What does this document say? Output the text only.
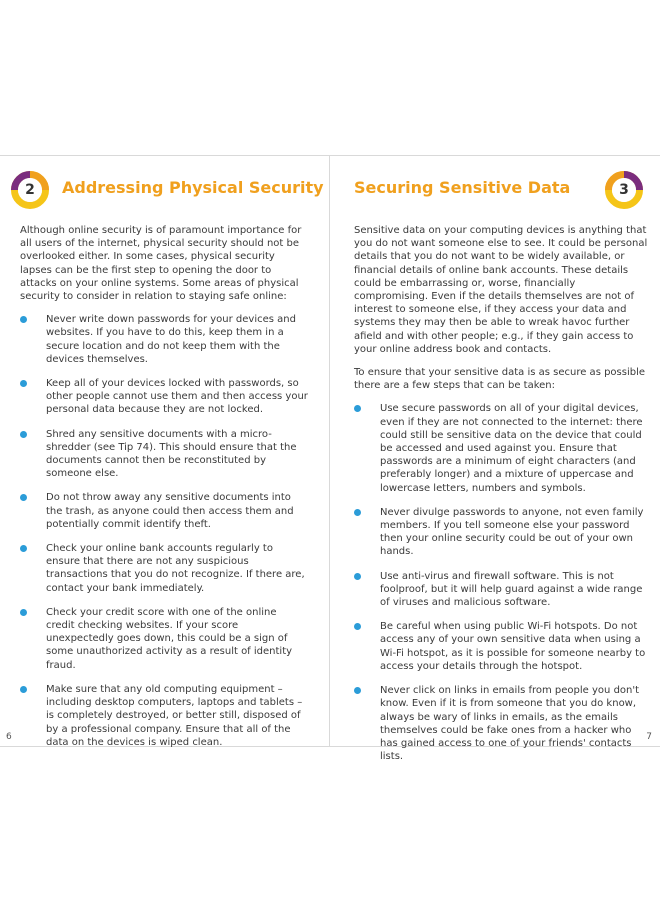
2	Addressing Physical Security

Although online security is of paramount importance for all users of the internet, physical security should not be overlooked either. In some cases, physical security lapses can be the first step to opening the door to attacks on your online systems. Some areas of physical security to consider in relation to staying safe online:

Never write down passwords for your devices and websites. If you have to do this, keep them in a secure location and do not keep them with the devices themselves.
Keep all of your devices locked with passwords, so other people cannot use them and then access your personal data because they are not locked.
Shred any sensitive documents with a micro-shredder (see Tip 74). This should ensure that the documents cannot then be reconstituted by someone else.
Do not throw away any sensitive documents into the trash, as anyone could then access them and potentially commit identify theft.
Check your online bank accounts regularly to ensure that there are not any suspicious transactions that you do not recognize. If there are, contact your bank immediately.
Check your credit score with one of the online credit checking websites. If your score unexpectedly goes down, this could be a sign of some unauthorized activity as a result of identity fraud.
Make sure that any old computing equipment – including desktop computers, laptops and tablets – is completely destroyed, or better still, disposed of by a professional company. Ensure that all of the data on the devices is wiped clean.
6
Securing Sensitive Data	3

Sensitive data on your computing devices is anything that you do not want someone else to see. It could be personal details that you do not want to be widely available, or financial details of online bank accounts. These details could be embarrassing or, worse, financially compromising. Even if the details themselves are not of interest to someone else, if they access your data and systems they may then be able to wreak havoc further afield and with other people; e.g., if they gain access to your online address book and contacts.

To ensure that your sensitive data is as secure as possible there are a few steps that can be taken:

Use secure passwords on all of your digital devices, even if they are not connected to the internet: there could still be sensitive data on the device that could be accessed and used against you. Ensure that passwords are a minimum of eight characters (and preferably longer) and a mixture of uppercase and lowercase letters, numbers and symbols.
Never divulge passwords to anyone, not even family members. If you tell someone else your password then your online security could be out of your own hands.
Use anti-virus and firewall software. This is not foolproof, but it will help guard against a wide range of viruses and malicious software.
Be careful when using public Wi-Fi hotspots. Do not access any of your own sensitive data when using a Wi-Fi hotspot, as it is possible for someone nearby to access your details through the hotspot.
Never click on links in emails from people you don't know. Even if it is from someone that you do know, always be wary of links in emails, as the emails themselves could be fake ones from a hacker who has gained access to one of your friends' contacts lists.
7
